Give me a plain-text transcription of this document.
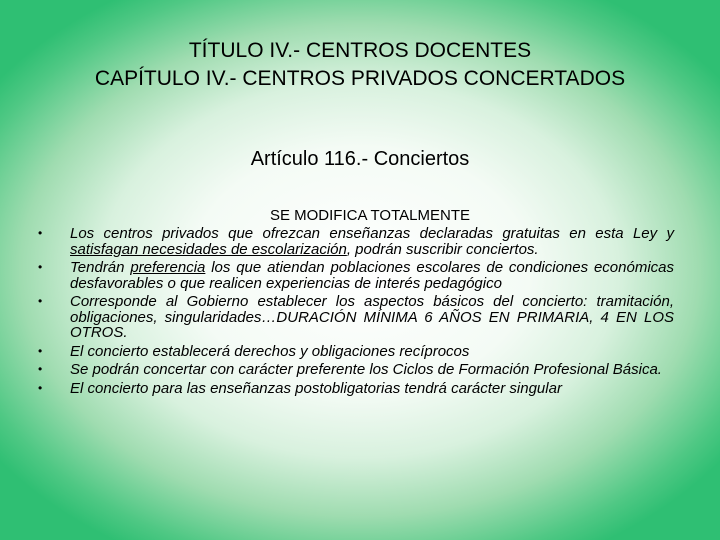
TÍTULO IV.- CENTROS DOCENTES
CAPÍTULO IV.- CENTROS PRIVADOS CONCERTADOS
Artículo 116.- Conciertos
SE MODIFICA TOTALMENTE
• Los centros privados que ofrezcan enseñanzas declaradas gratuitas en esta Ley y satisfagan necesidades de escolarización, podrán suscribir conciertos.
• Tendrán preferencia los que atiendan poblaciones escolares de condiciones económicas desfavorables o que realicen experiencias de interés pedagógico
• Corresponde al Gobierno establecer los aspectos básicos del concierto: tramitación, obligaciones, singularidades…DURACIÓN MÍNIMA 6 AÑOS EN PRIMARIA, 4 EN LOS OTROS.
• El concierto establecerá derechos y obligaciones recíprocos
• Se podrán concertar con carácter preferente los Ciclos de Formación Profesional Básica.
• El concierto para las enseñanzas postobligatorias tendrá carácter singular
